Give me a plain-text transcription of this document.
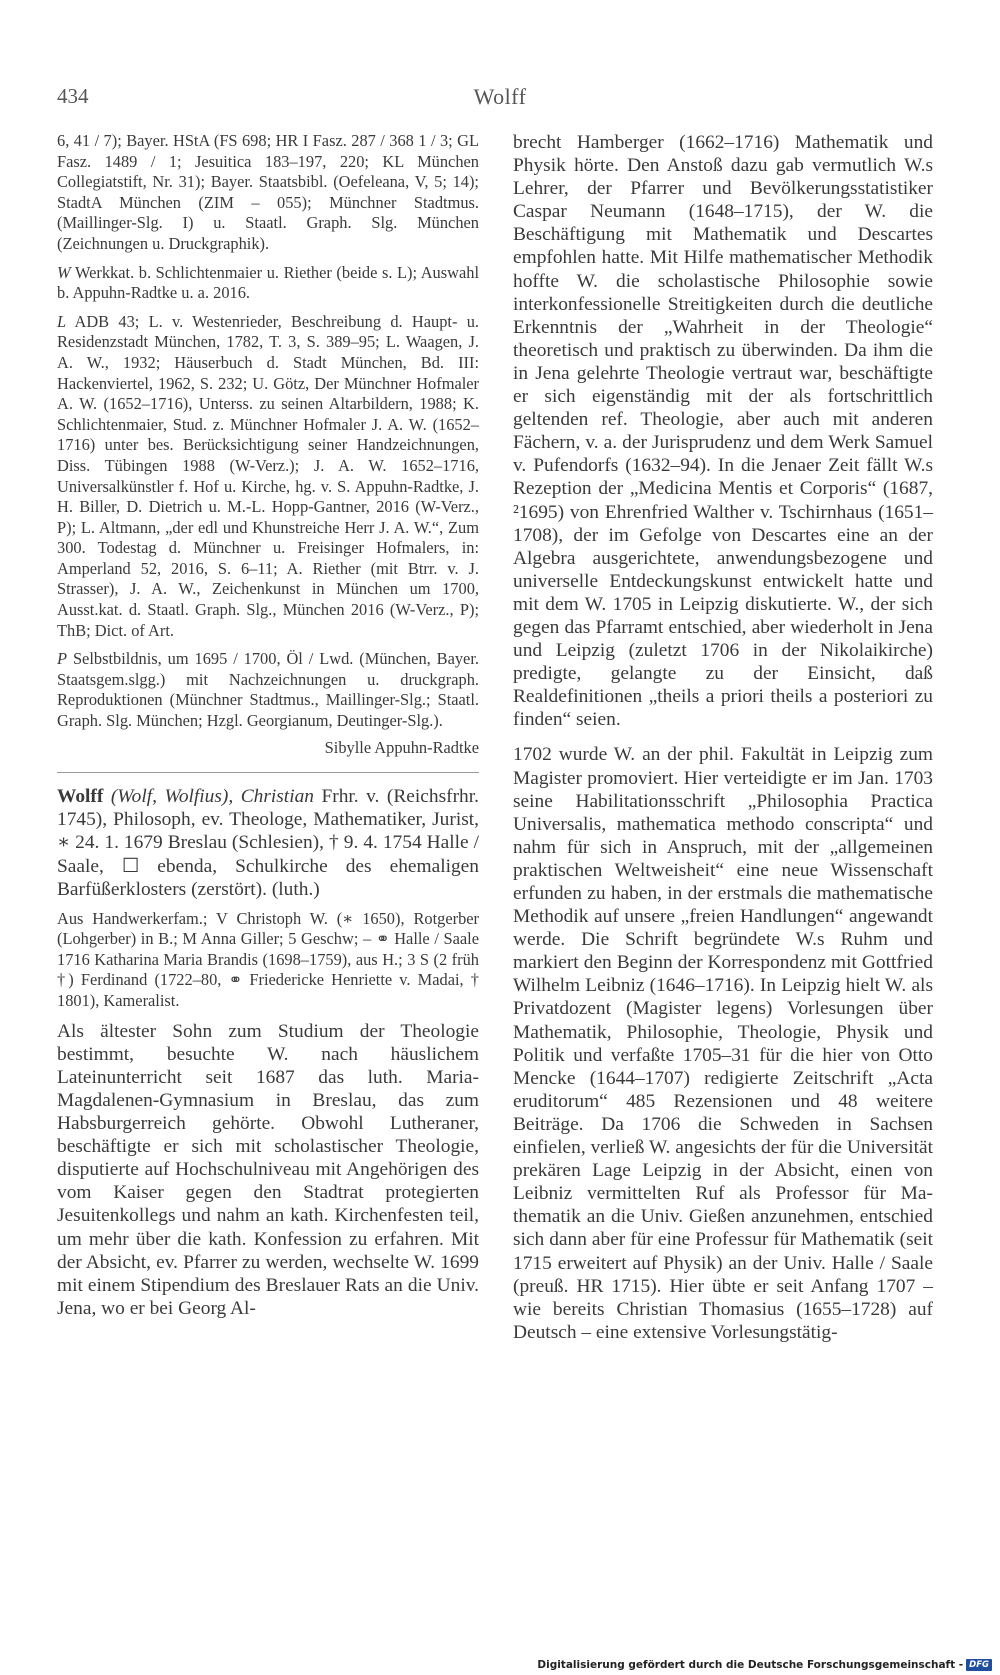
434	Wolff

6, 41 / 7); Bayer. HStA (FS 698; HR I Fasz. 287 / 368 1 / 3; GL Fasz. 1489 / 1; Jesuitica 183–197, 220; KL München Collegiatstift, Nr. 31); Bayer. Staatsbibl. (Oefeleana, V, 5; 14); StadtA München (ZIM – 055); Münchner Stadtmus. (Maillinger-Slg. I) u. Staatl. Graph. Slg. München (Zeichnungen u. Druckgraphik).

W Werkkat. b. Schlichtenmaier u. Riether (beide s. L); Auswahl b. Appuhn-Radtke u. a. 2016.

L ADB 43; L. v. Westenrieder, Beschreibung d. Haupt- u. Residenzstadt München, 1782, T. 3, S. 389–95; L. Waagen, J. A. W., 1932; Häuserbuch d. Stadt München, Bd. III: Hackenviertel, 1962, S. 232; U. Götz, Der Münchner Hofmaler A. W. (1652–1716), Unterss. zu seinen Altarbildern, 1988; K. Schlichtenmaier, Stud. z. Münchner Hofmaler J. A. W. (1652–1716) unter bes. Berücksichtigung seiner Handzeichnungen, Diss. Tübingen 1988 (W-Verz.); J. A. W. 1652–1716, Universalkünstler f. Hof u. Kirche, hg. v. S. Appuhn-Radtke, J. H. Biller, D. Dietrich u. M.-L. Hopp-Gantner, 2016 (W-Verz., P); L. Altmann, „der edl und Khunstreiche Herr J. A. W.“, Zum 300. Todestag d. Münchner u. Freisinger Hofmalers, in: Amperland 52, 2016, S. 6–11; A. Riether (mit Btrr. v. J. Strasser), J. A. W., Zeichenkunst in München um 1700, Ausst.kat. d. Staatl. Graph. Slg., München 2016 (W-Verz., P); ThB; Dict. of Art.

P Selbstbildnis, um 1695 / 1700, Öl / Lwd. (München, Bayer. Staatsgem.slgg.) mit Nachzeichnungen u. druckgraph. Reproduktionen (Münchner Stadtmus., Maillinger-Slg.; Staatl. Graph. Slg. München; Hzgl. Georgianum, Deutinger-Slg.).

Sibylle Appuhn-Radtke

Wolff (Wolf, Wolfius), Christian Frhr. v. (Reichsfrhr. 1745), Philosoph, ev. Theologe, Mathematiker, Jurist, ∗ 24. 1. 1679 Breslau (Schlesien), † 9. 4. 1754 Halle / Saale, ☐ ebenda, Schulkirche des ehemaligen Barfüßerklosters (zerstört). (luth.)

Aus Handwerkerfam.; V Christoph W. (∗ 1650), Rotgerber (Lohgerber) in B.; M Anna Giller; 5 Geschw; – ⚭ Halle / Saale 1716 Katharina Maria Brandis (1698–1759), aus H.; 3 S (2 früh †) Ferdinand (1722–80, ⚭ Friedericke Henriette v. Madai, † 1801), Kameralist.

Als ältester Sohn zum Studium der Theologie bestimmt, besuchte W. nach häuslichem Lateinunterricht seit 1687 das luth. Maria-Magdalenen-Gymnasium in Breslau, das zum Habsburgerreich gehörte. Obwohl Lutheraner, beschäftigte er sich mit scholastischer Theologie, disputierte auf Hochschulniveau mit Angehörigen des vom Kaiser gegen den Stadtrat protegierten Jesuitenkollegs und nahm an kath. Kirchenfesten teil, um mehr über die kath. Konfession zu erfahren. Mit der Absicht, ev. Pfarrer zu werden, wechselte W. 1699 mit einem Stipendium des Breslauer Rats an die Univ. Jena, wo er bei Georg Al-

brecht Hamberger (1662–1716) Mathematik und Physik hörte. Den Anstoß dazu gab vermutlich W.s Lehrer, der Pfarrer und Bevölkerungsstatistiker Caspar Neumann (1648–1715), der W. die Beschäftigung mit Mathematik und Descartes empfohlen hatte. Mit Hilfe mathematischer Methodik hoffte W. die scholastische Philosophie sowie interkonfessionelle Streitigkeiten durch die deutliche Erkenntnis der „Wahrheit in der Theologie“ theoretisch und praktisch zu überwinden. Da ihm die in Jena gelehrte Theologie vertraut war, beschäftigte er sich eigenständig mit der als fortschrittlich geltenden ref. Theologie, aber auch mit anderen Fächern, v. a. der Jurisprudenz und dem Werk Samuel v. Pufendorfs (1632–94). In die Jenaer Zeit fällt W.s Rezeption der „Medicina Mentis et Corporis“ (1687, ²1695) von Ehrenfried Walther v. Tschirnhaus (1651–1708), der im Gefolge von Descartes eine an der Algebra ausgerichtete, anwendungsbezogene und universelle Entdeckungskunst entwickelt hatte und mit dem W. 1705 in Leipzig diskutierte. W., der sich gegen das Pfarramt entschied, aber wiederholt in Jena und Leipzig (zuletzt 1706 in der Nikolaikirche) predigte, gelangte zu der Einsicht, daß Realdefinitionen „theils a priori theils a posteriori zu finden“ seien.

1702 wurde W. an der phil. Fakultät in Leipzig zum Magister promoviert. Hier verteidigte er im Jan. 1703 seine Habilitationsschrift „Philosophia Practica Universalis, mathematica methodo conscripta“ und nahm für sich in Anspruch, mit der „allgemeinen praktischen Weltweisheit“ eine neue Wissenschaft erfunden zu haben, in der erstmals die mathematische Methodik auf unsere „freien Handlungen“ angewandt werde. Die Schrift begründete W.s Ruhm und markiert den Beginn der Korrespondenz mit Gottfried Wilhelm Leibniz (1646–1716). In Leipzig hielt W. als Privatdozent (Magister legens) Vorlesungen über Mathematik, Philosophie, Theologie, Physik und Politik und verfaßte 1705–31 für die hier von Otto Mencke (1644–1707) redigierte Zeitschrift „Acta eruditorum“ 485 Rezensionen und 48 weitere Beiträge. Da 1706 die Schweden in Sachsen einfielen, verließ W. angesichts der für die Universität prekären Lage Leipzig in der Absicht, einen von Leibniz vermittelten Ruf als Professor für Mathematik an die Univ. Gießen anzunehmen, entschied sich dann aber für eine Professur für Mathematik (seit 1715 erweitert auf Physik) an der Univ. Halle / Saale (preuß. HR 1715). Hier übte er seit Anfang 1707 – wie bereits Christian Thomasius (1655–1728) auf Deutsch – eine extensive Vorlesungstätig-

Digitalisierung gefördert durch die Deutsche Forschungsgemeinschaft - DFG
